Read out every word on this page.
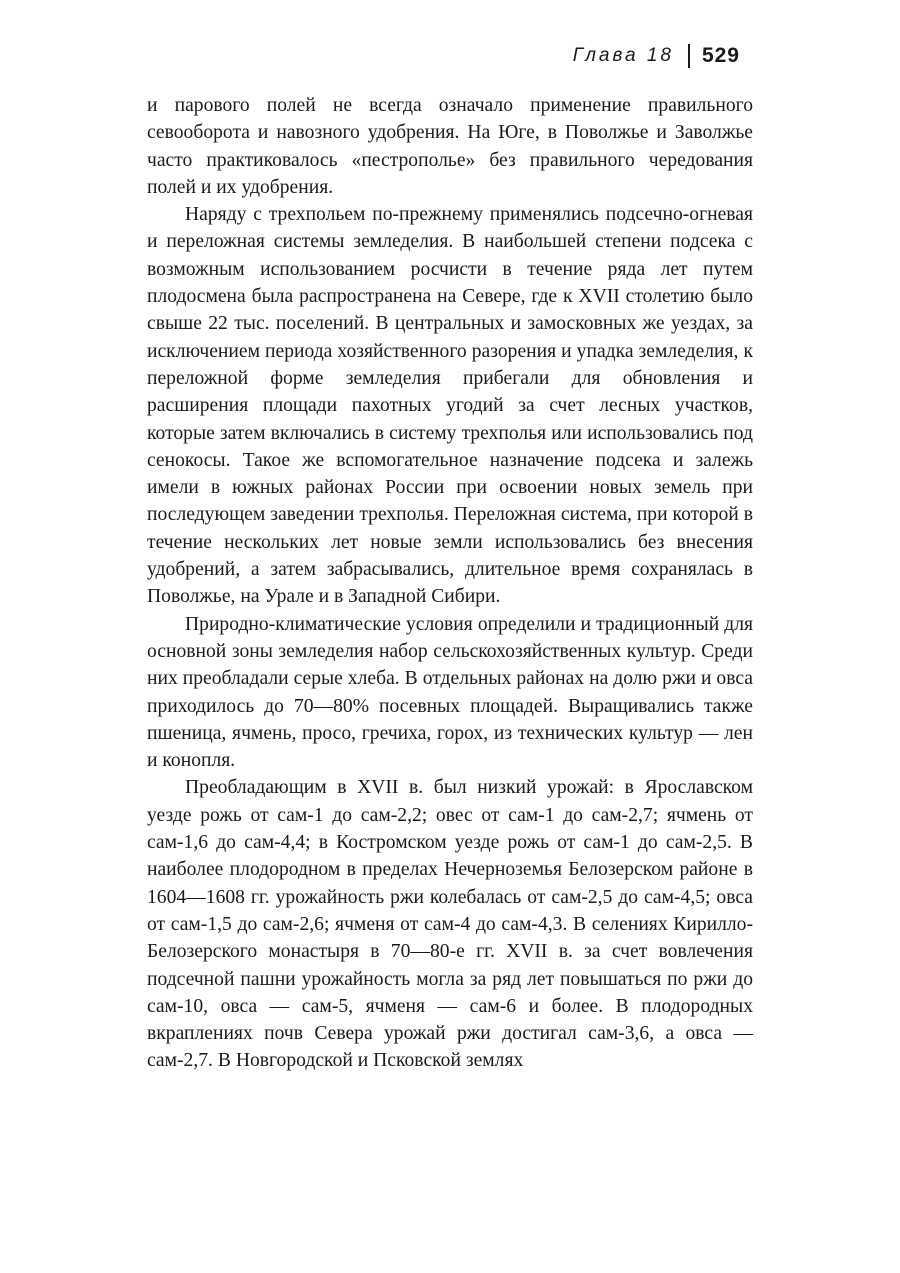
Глава 18 529

и парового полей не всегда означало применение правильного севооборота и навозного удобрения. На Юге, в Поволжье и Заволжье часто практиковалось «пестрополье» без правильного чередования полей и их удобрения.

Наряду с трехпольем по-прежнему применялись подсечно-огневая и переложная системы земледелия. В наибольшей степени подсека с возможным использованием росчисти в течение ряда лет путем плодосмена была распространена на Севере, где к XVII столетию было свыше 22 тыс. поселений. В центральных и замосковных же уездах, за исключением периода хозяйственного разорения и упадка земледелия, к переложной форме земледелия прибегали для обновления и расширения площади пахотных угодий за счет лесных участков, которые затем включались в систему трехполья или использовались под сенокосы. Такое же вспомогательное назначение подсека и залежь имели в южных районах России при освоении новых земель при последующем заведении трехполья. Переложная система, при которой в течение нескольких лет новые земли использовались без внесения удобрений, а затем забрасывались, длительное время сохранялась в Поволжье, на Урале и в Западной Сибири.

Природно-климатические условия определили и традиционный для основной зоны земледелия набор сельскохозяйственных культур. Среди них преобладали серые хлеба. В отдельных районах на долю ржи и овса приходилось до 70—80% посевных площадей. Выращивались также пшеница, ячмень, просо, гречиха, горох, из технических культур — лен и конопля.

Преобладающим в XVII в. был низкий урожай: в Ярославском уезде рожь от сам-1 до сам-2,2; овес от сам-1 до сам-2,7; ячмень от сам-1,6 до сам-4,4; в Костромском уезде рожь от сам-1 до сам-2,5. В наиболее плодородном в пределах Нечерноземья Белозерском районе в 1604—1608 гг. урожайность ржи колебалась от сам-2,5 до сам-4,5; овса от сам-1,5 до сам-2,6; ячменя от сам-4 до сам-4,3. В селениях Кирилло-Белозерского монастыря в 70—80-е гг. XVII в. за счет вовлечения подсечной пашни урожайность могла за ряд лет повышаться по ржи до сам-10, овса — сам-5, ячменя — сам-6 и более. В плодородных вкраплениях почв Севера урожай ржи достигал сам-3,6, а овса — сам-2,7. В Новгородской и Псковской землях
